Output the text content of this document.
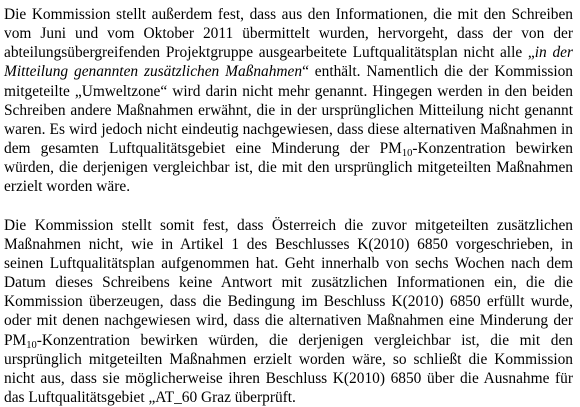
Die Kommission stellt außerdem fest, dass aus den Informationen, die mit den Schreiben vom Juni und vom Oktober 2011 übermittelt wurden, hervorgeht, dass der von der abteilungsübergreifenden Projektgruppe ausgearbeitete Luftqualitätsplan nicht alle „in der Mitteilung genannten zusätzlichen Maßnahmen“ enthält. Namentlich die der Kommission mitgeteilte „Umweltzone“ wird darin nicht mehr genannt. Hingegen werden in den beiden Schreiben andere Maßnahmen erwähnt, die in der ursprünglichen Mitteilung nicht genannt waren. Es wird jedoch nicht eindeutig nachgewiesen, dass diese alternativen Maßnahmen in dem gesamten Luftqualitätsgebiet eine Minderung der $PM_{10}$-Konzentration bewirken würden, die derjenigen vergleichbar ist, die mit den ursprünglich mitgeteilten Maßnahmen erzielt worden wäre.

Die Kommission stellt somit fest, dass Österreich die zuvor mitgeteilten zusätzlichen Maßnahmen nicht, wie in Artikel 1 des Beschlusses K(2010) 6850 vorgeschrieben, in seinen Luftqualitätsplan aufgenommen hat. Geht innerhalb von sechs Wochen nach dem Datum dieses Schreibens keine Antwort mit zusätzlichen Informationen ein, die die Kommission überzeugen, dass die Bedingung im Beschluss K(2010) 6850 erfüllt wurde, oder mit denen nachgewiesen wird, dass die alternativen Maßnahmen eine Minderung der $PM_{10}$-Konzentration bewirken würden, die derjenigen vergleichbar ist, die mit den ursprünglich mitgeteilten Maßnahmen erzielt worden wäre, so schließt die Kommission nicht aus, dass sie möglicherweise ihren Beschluss K(2010) 6850 über die Ausnahme für das Luftqualitätsgebiet „AT_60 Graz überprüft.
